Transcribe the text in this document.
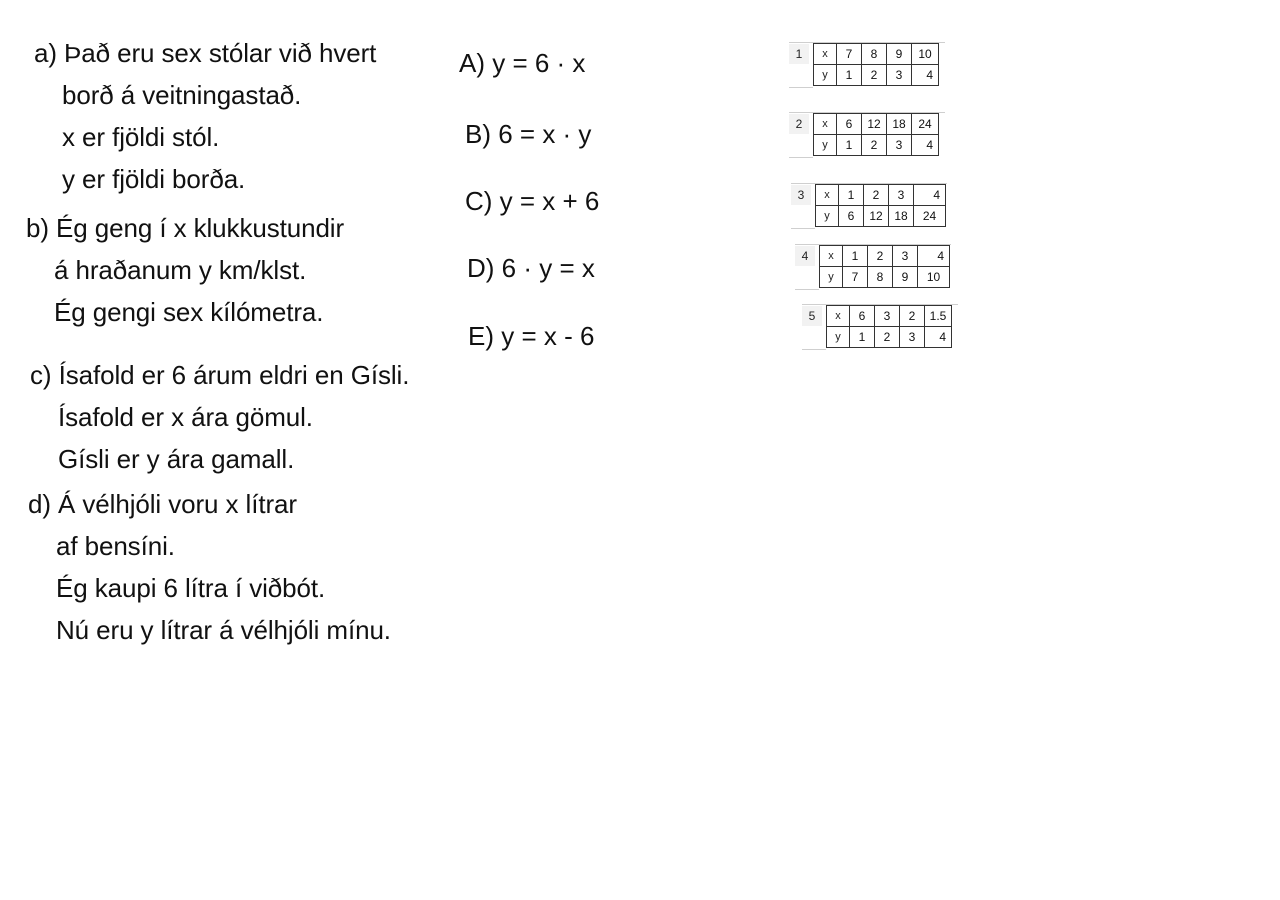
a) Það eru sex stólar við hvert
borð á veitningastað.
x er fjöldi stól.
y er fjöldi borða.
b) Ég geng í x klukkustundir
á hraðanum y km/klst.
Ég gengi sex kílómetra.
c) Ísafold er 6 árum eldri en Gísli.
Ísafold er x ára gömul.
Gísli er y ára gamall.
d) Á vélhjóli voru x lítrar
af bensíni.
Ég kaupi 6 lítra í viðbót.
Nú eru y lítrar á vélhjóli mínu.
A) y = 6 · x
B) 6 = x · y
C) y = x + 6
D) 6 · y = x
E) y = x - 6
1	x	7	8	9	10
y	1	2	3	4
2	x	6	12	18	24
y	1	2	3	4
3	x	1	2	3	4
y	6	12	18	24
4	x	1	2	3	4
y	7	8	9	10
5	x	6	3	2	1.5
y	1	2	3	4
